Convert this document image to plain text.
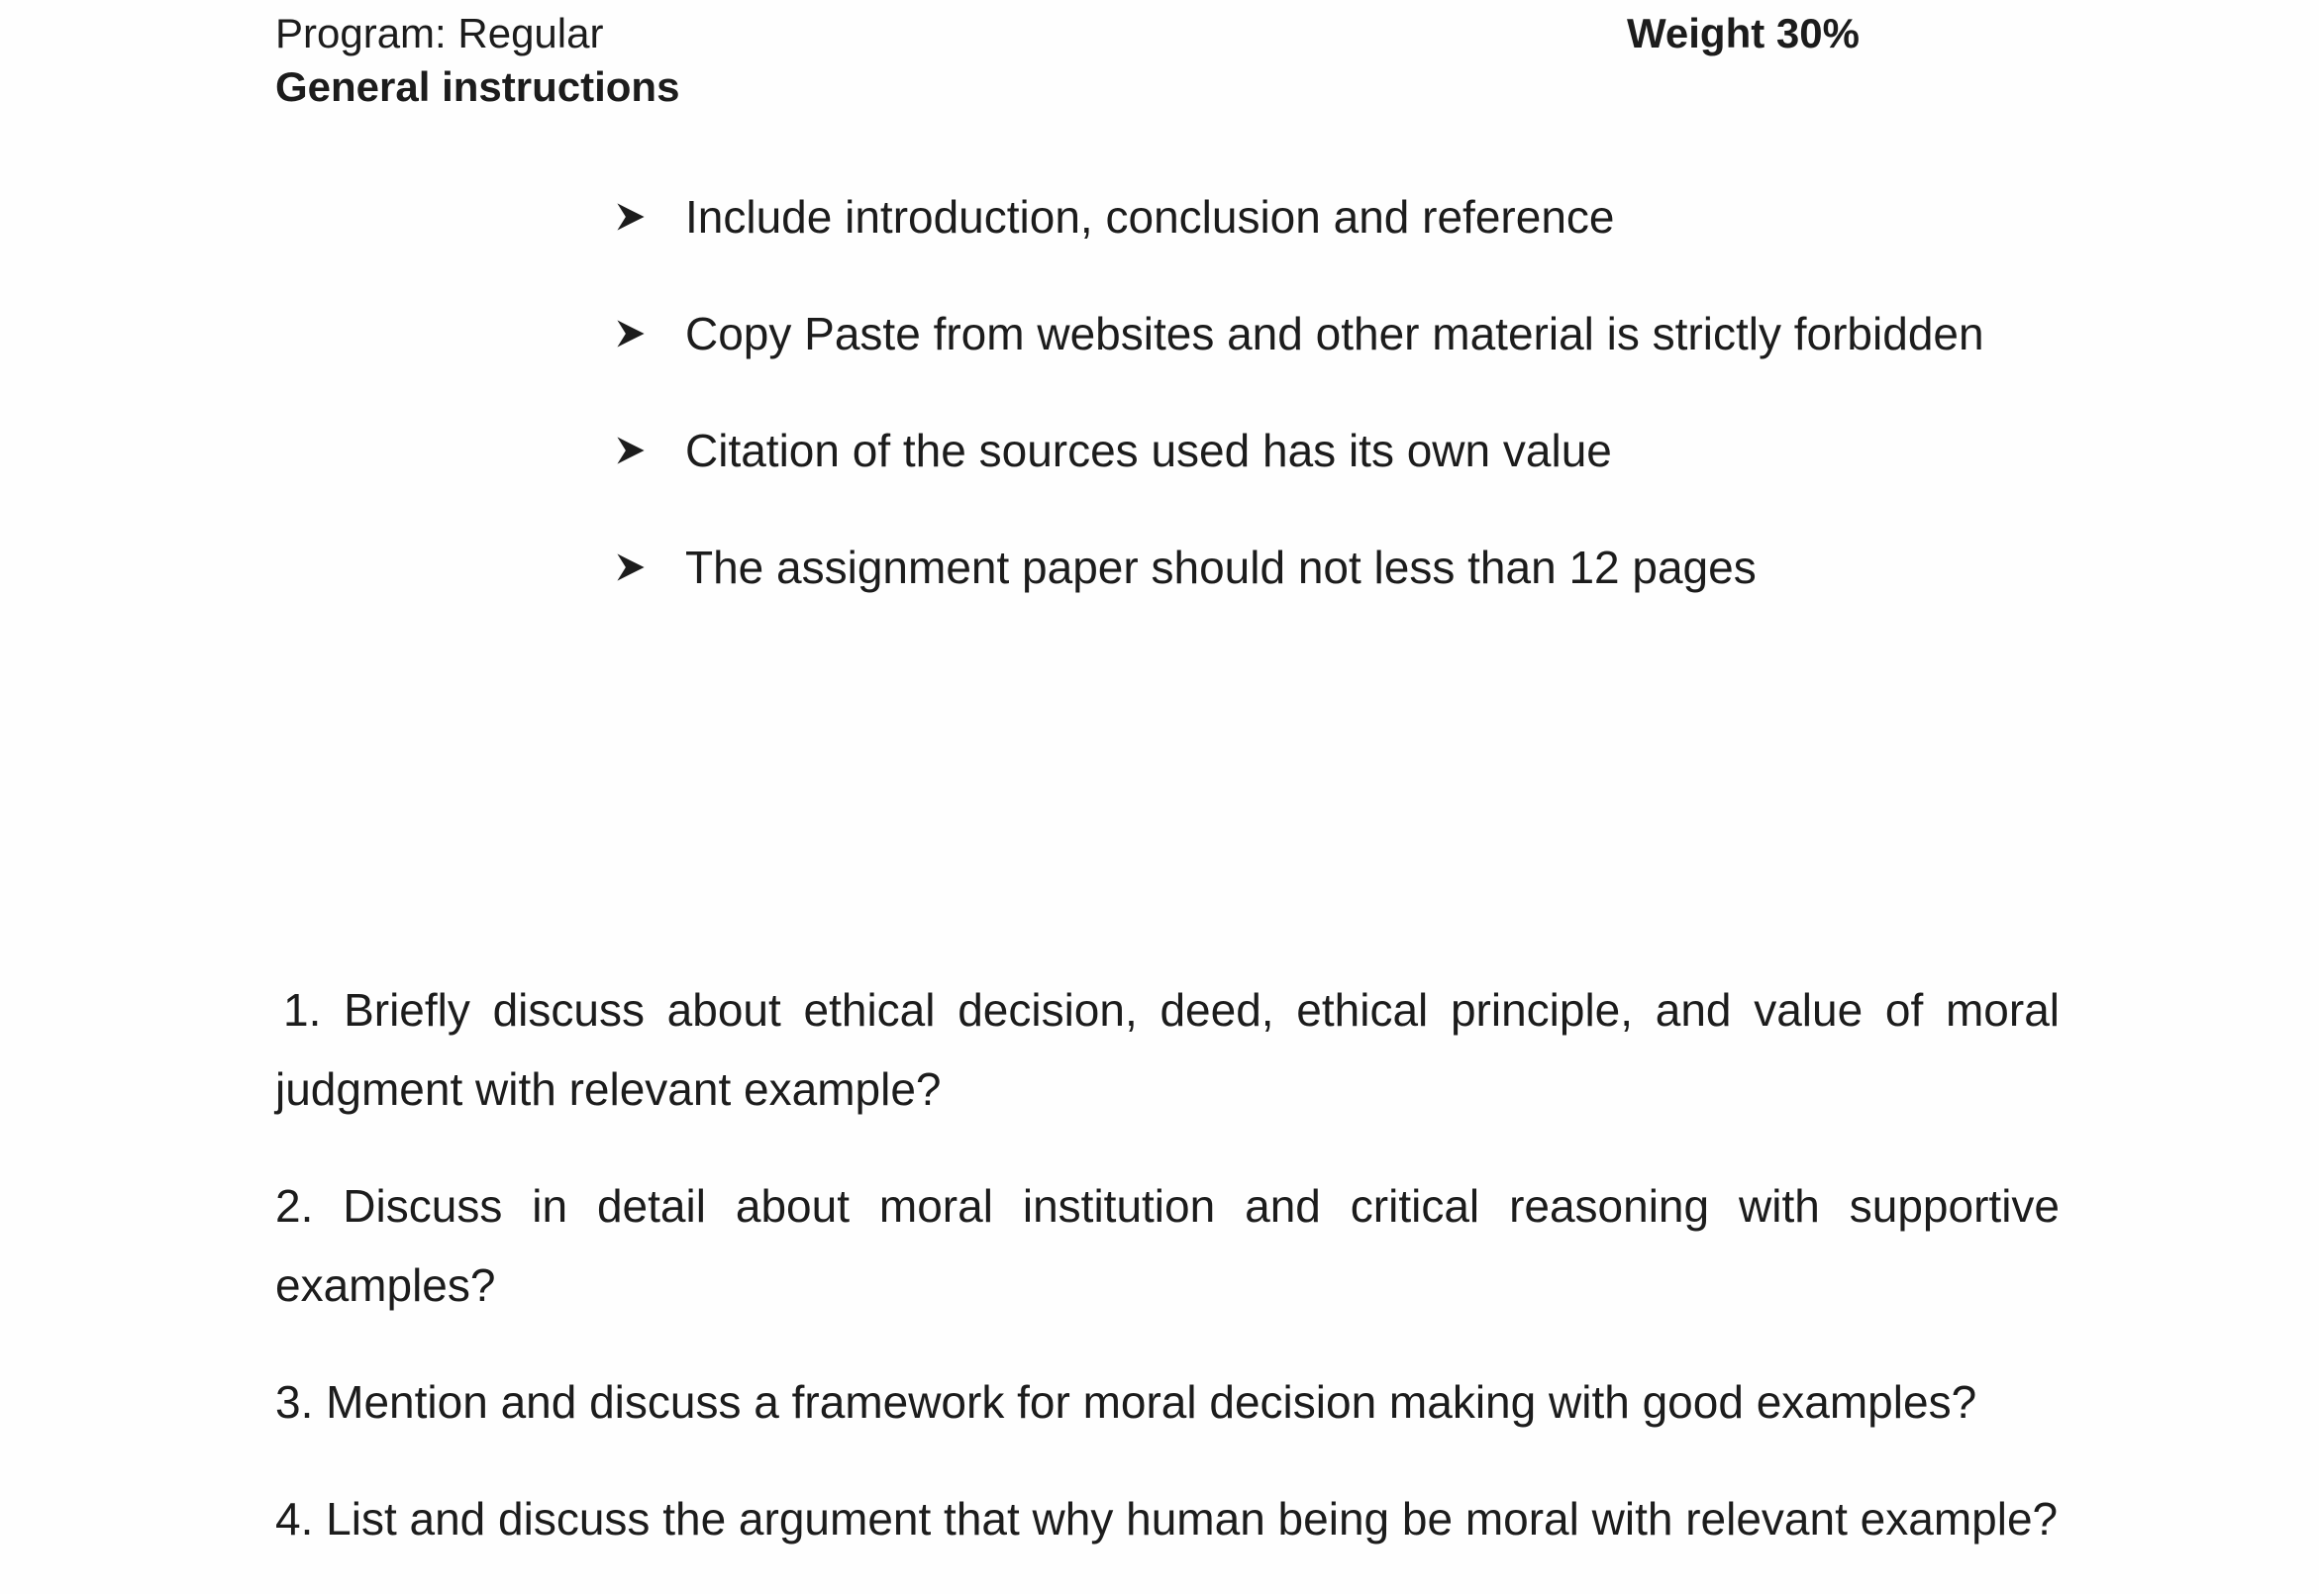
Program: Regular	Weight 30%
General instructions
Include introduction, conclusion and reference
Copy Paste from websites and other material is strictly forbidden
Citation of the sources used has its own value
The assignment paper should not less than 12 pages

1. Briefly discuss about ethical decision, deed, ethical principle, and value of moral judgment with relevant example?

2. Discuss in detail about moral institution and critical reasoning with supportive examples?

3. Mention and discuss a framework for moral decision making with good examples?

4. List and discuss the argument that why human being be moral with relevant example?
